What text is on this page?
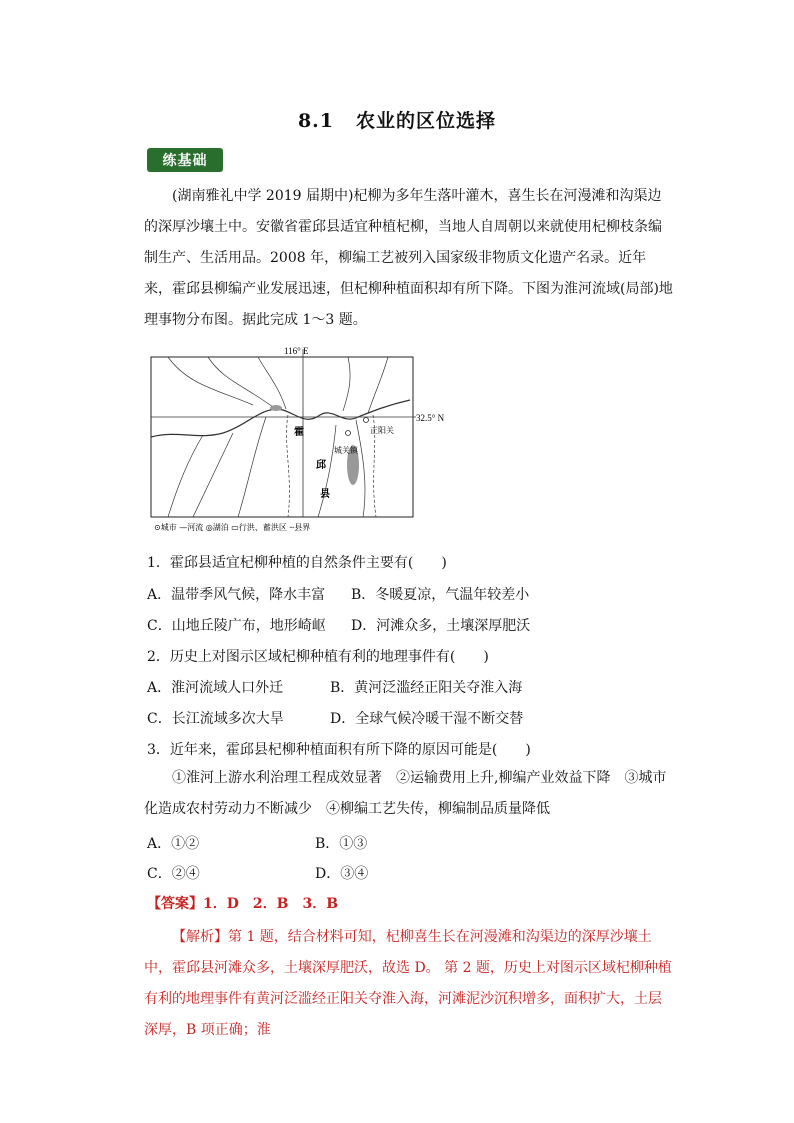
8.1 农业的区位选择
练基础
(湖南雅礼中学 2019 届期中)杞柳为多年生落叶灌木，喜生长在河漫滩和沟渠边的深厚沙壤土中。安徽省霍邱县适宜种植杞柳，当地人自周朝以来就使用杞柳枝条编制生产、生活用品。2008 年，柳编工艺被列入国家级非物质文化遗产名录。近年来，霍邱县柳编产业发展迅速，但杞柳种植面积却有所下降。下图为淮河流域(局部)地理事物分布图。据此完成 1～3 题。
116° E
32.5° N
霍
邱
县
正阳关
城关镇
⊙城市 —河流 ◎湖泊 ▭行洪、蓄洪区 ┄县界
1．霍邱县适宜杞柳种植的自然条件主要有(　　)
A．温带季风气候，降水丰富 B．冬暖夏凉，气温年较差小
C．山地丘陵广布，地形崎岖 D．河滩众多，土壤深厚肥沃
2．历史上对图示区域杞柳种植有利的地理事件有(　　)
A．淮河流域人口外迁	B．黄河泛滥经正阳关夺淮入海
C．长江流域多次大旱	D．全球气候冷暖干湿不断交替
3．近年来，霍邱县杞柳种植面积有所下降的原因可能是(　　)
①淮河上游水利治理工程成效显著　②运输费用上升,柳编产业效益下降　③城市化造成农村劳动力不断减少　④柳编工艺失传，柳编制品质量降低
A．①②	B．①③
C．②④	D．③④
【答案】1．D　2．B　3．B
【解析】第 1 题，结合材料可知，杞柳喜生长在河漫滩和沟渠边的深厚沙壤土中，霍邱县河滩众多，土壤深厚肥沃，故选 D。 第 2 题，历史上对图示区域杞柳种植有利的地理事件有黄河泛滥经正阳关夺淮入海，河滩泥沙沉积增多，面积扩大，土层深厚，B 项正确；淮
